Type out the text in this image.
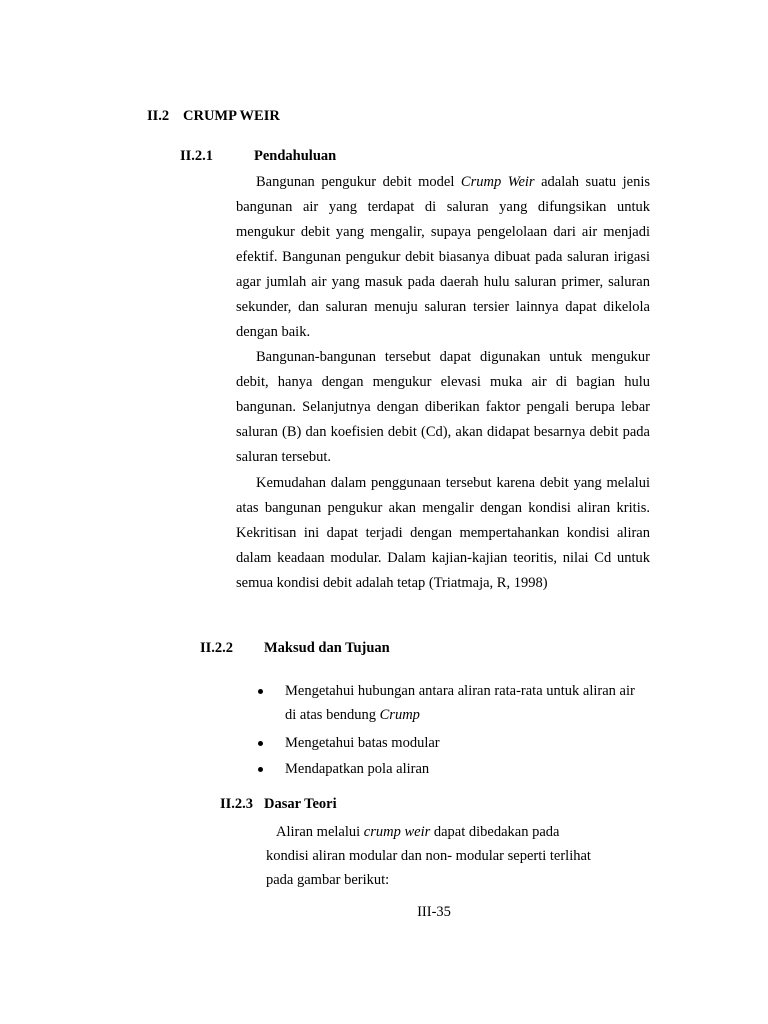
II.2 CRUMP WEIR
II.2.1	Pendahuluan

Bangunan pengukur debit model Crump Weir adalah suatu jenis bangunan air yang terdapat di saluran yang difungsikan untuk mengukur debit yang mengalir, supaya pengelolaan dari air menjadi efektif. Bangunan pengukur debit biasanya dibuat pada saluran irigasi agar jumlah air yang masuk pada daerah hulu saluran primer, saluran sekunder, dan saluran menuju saluran tersier lainnya dapat dikelola dengan baik.

Bangunan-bangunan tersebut dapat digunakan untuk mengukur debit, hanya dengan mengukur elevasi muka air di bagian hulu bangunan. Selanjutnya dengan diberikan faktor pengali berupa lebar saluran (B) dan koefisien debit (Cd), akan didapat besarnya debit pada saluran tersebut.

Kemudahan dalam penggunaan tersebut karena debit yang melalui atas bangunan pengukur akan mengalir dengan kondisi aliran kritis. Kekritisan ini dapat terjadi dengan mempertahankan kondisi aliran dalam keadaan modular. Dalam kajian-kajian teoritis, nilai Cd untuk semua kondisi debit adalah tetap (Triatmaja, R, 1998)

II.2.2 Maksud dan Tujuan
Mengetahui hubungan antara aliran rata-rata untuk aliran air di atas bendung Crump
Mengetahui batas modular
Mendapatkan pola aliran
II.2.3 Dasar Teori
Aliran melalui crump weir dapat dibedakan pada
kondisi aliran modular dan non- modular seperti terlihat
pada gambar berikut:
III-35
